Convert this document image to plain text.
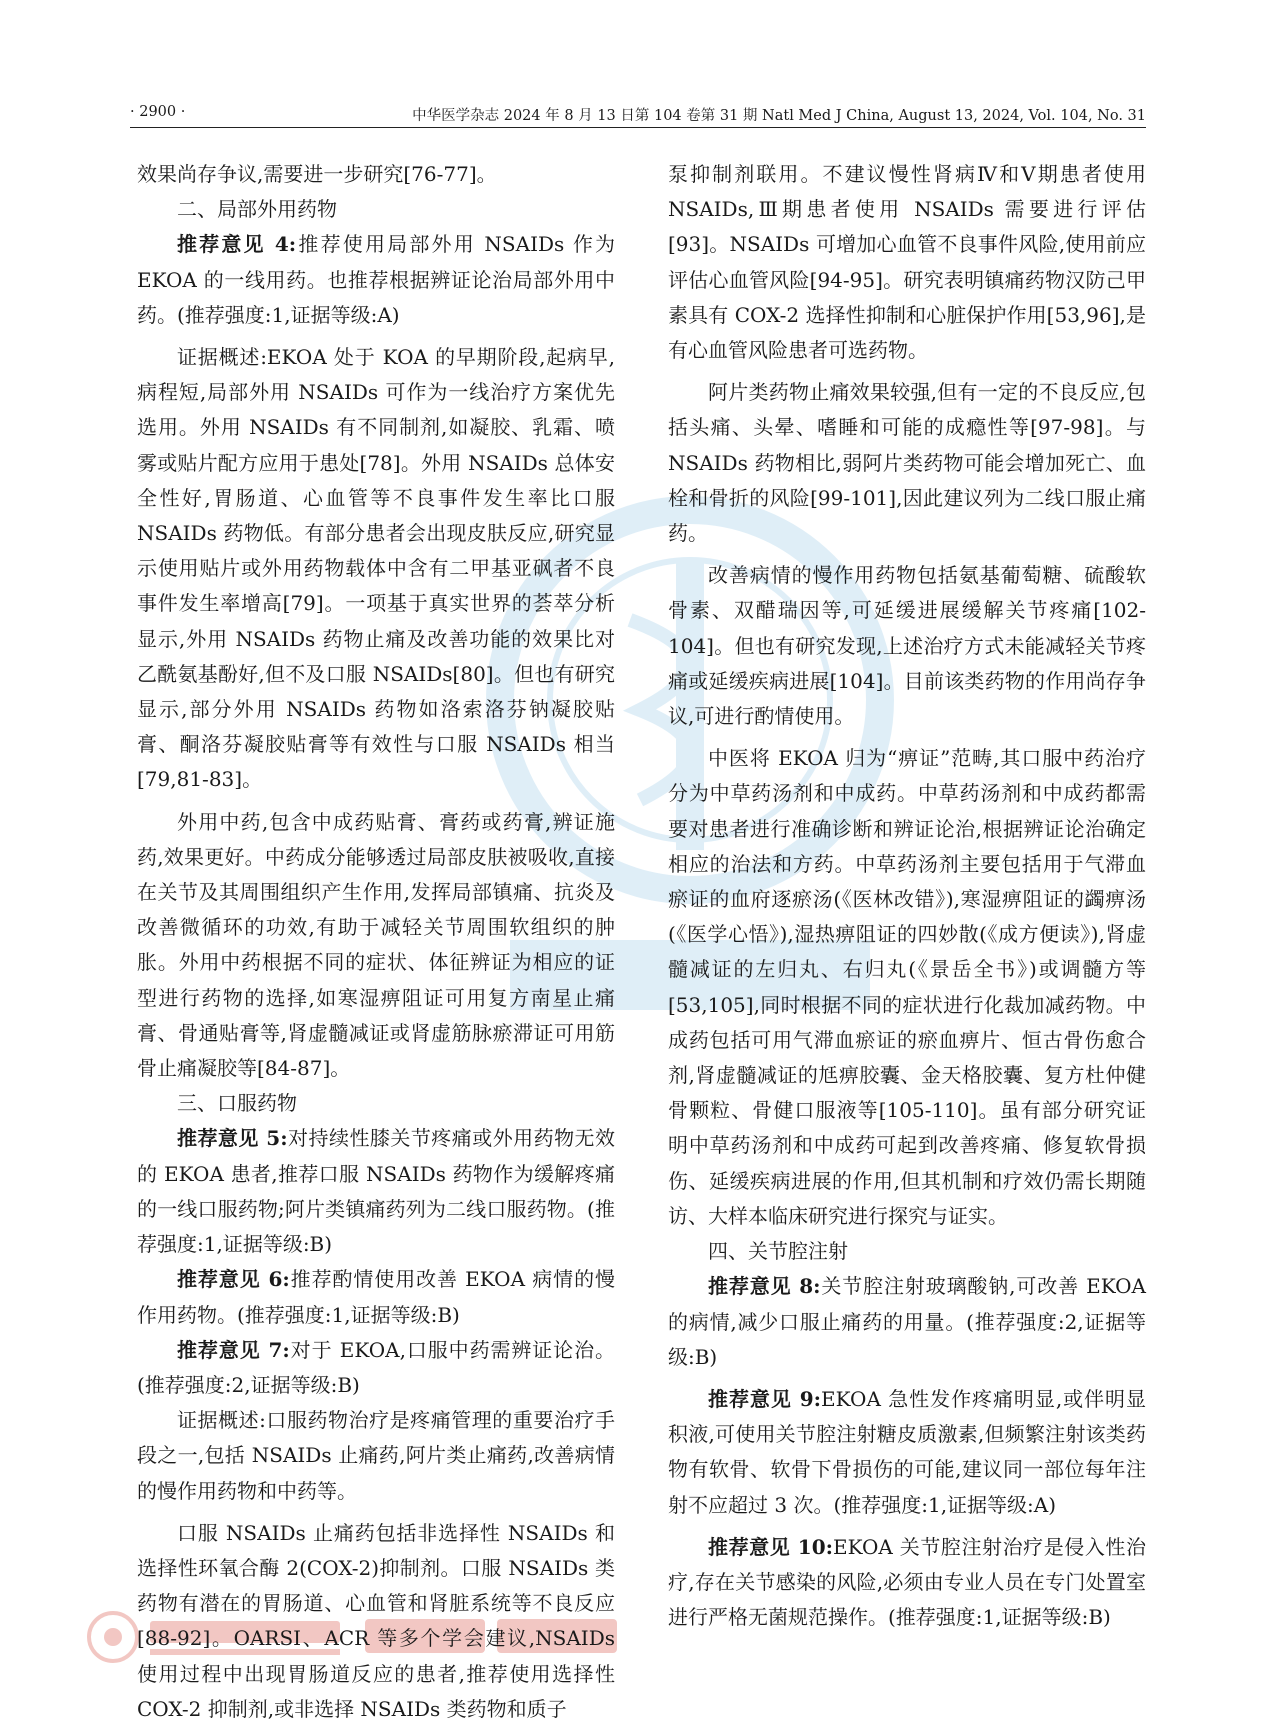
· 2900 ·	中华医学杂志 2024 年 8 月 13 日第 104 卷第 31 期 Natl Med J China, August 13, 2024, Vol. 104, No. 31

效果尚存争议,需要进一步研究[76-77]。

二、局部外用药物

推荐意见 4:推荐使用局部外用 NSAIDs 作为 EKOA 的一线用药。也推荐根据辨证论治局部外用中药。(推荐强度:1,证据等级:A)

证据概述:EKOA 处于 KOA 的早期阶段,起病早,病程短,局部外用 NSAIDs 可作为一线治疗方案优先选用。外用 NSAIDs 有不同制剂,如凝胶、乳霜、喷雾或贴片配方应用于患处[78]。外用 NSAIDs 总体安全性好,胃肠道、心血管等不良事件发生率比口服 NSAIDs 药物低。有部分患者会出现皮肤反应,研究显示使用贴片或外用药物载体中含有二甲基亚砜者不良事件发生率增高[79]。一项基于真实世界的荟萃分析显示,外用 NSAIDs 药物止痛及改善功能的效果比对乙酰氨基酚好,但不及口服 NSAIDs[80]。但也有研究显示,部分外用 NSAIDs 药物如洛索洛芬钠凝胶贴膏、酮洛芬凝胶贴膏等有效性与口服 NSAIDs 相当[79,81-83]。

外用中药,包含中成药贴膏、膏药或药膏,辨证施药,效果更好。中药成分能够透过局部皮肤被吸收,直接在关节及其周围组织产生作用,发挥局部镇痛、抗炎及改善微循环的功效,有助于减轻关节周围软组织的肿胀。外用中药根据不同的症状、体征辨证为相应的证型进行药物的选择,如寒湿痹阻证可用复方南星止痛膏、骨通贴膏等,肾虚髓减证或肾虚筋脉瘀滞证可用筋骨止痛凝胶等[84-87]。

三、口服药物

推荐意见 5:对持续性膝关节疼痛或外用药物无效的 EKOA 患者,推荐口服 NSAIDs 药物作为缓解疼痛的一线口服药物;阿片类镇痛药列为二线口服药物。(推荐强度:1,证据等级:B)

推荐意见 6:推荐酌情使用改善 EKOA 病情的慢作用药物。(推荐强度:1,证据等级:B)

推荐意见 7:对于 EKOA,口服中药需辨证论治。(推荐强度:2,证据等级:B)

证据概述:口服药物治疗是疼痛管理的重要治疗手段之一,包括 NSAIDs 止痛药,阿片类止痛药,改善病情的慢作用药物和中药等。

口服 NSAIDs 止痛药包括非选择性 NSAIDs 和选择性环氧合酶 2(COX-2)抑制剂。口服 NSAIDs 类药物有潜在的胃肠道、心血管和肾脏系统等不良反应[88-92]。OARSI、ACR 等多个学会建议,NSAIDs 使用过程中出现胃肠道反应的患者,推荐使用选择性 COX-2 抑制剂,或非选择 NSAIDs 类药物和质子

泵抑制剂联用。不建议慢性肾病Ⅳ和Ⅴ期患者使用 NSAIDs,Ⅲ期患者使用 NSAIDs 需要进行评估[93]。NSAIDs 可增加心血管不良事件风险,使用前应评估心血管风险[94-95]。研究表明镇痛药物汉防己甲素具有 COX-2 选择性抑制和心脏保护作用[53,96],是有心血管风险患者可选药物。

阿片类药物止痛效果较强,但有一定的不良反应,包括头痛、头晕、嗜睡和可能的成瘾性等[97-98]。与 NSAIDs 药物相比,弱阿片类药物可能会增加死亡、血栓和骨折的风险[99-101],因此建议列为二线口服止痛药。

改善病情的慢作用药物包括氨基葡萄糖、硫酸软骨素、双醋瑞因等,可延缓进展缓解关节疼痛[102-104]。但也有研究发现,上述治疗方式未能减轻关节疼痛或延缓疾病进展[104]。目前该类药物的作用尚存争议,可进行酌情使用。

中医将 EKOA 归为“痹证”范畴,其口服中药治疗分为中草药汤剂和中成药。中草药汤剂和中成药都需要对患者进行准确诊断和辨证论治,根据辨证论治确定相应的治法和方药。中草药汤剂主要包括用于气滞血瘀证的血府逐瘀汤(《医林改错》),寒湿痹阻证的蠲痹汤(《医学心悟》),湿热痹阻证的四妙散(《成方便读》),肾虚髓减证的左归丸、右归丸(《景岳全书》)或调髓方等[53,105],同时根据不同的症状进行化裁加减药物。中成药包括可用气滞血瘀证的瘀血痹片、恒古骨伤愈合剂,肾虚髓减证的尪痹胶囊、金天格胶囊、复方杜仲健骨颗粒、骨健口服液等[105-110]。虽有部分研究证明中草药汤剂和中成药可起到改善疼痛、修复软骨损伤、延缓疾病进展的作用,但其机制和疗效仍需长期随访、大样本临床研究进行探究与证实。

四、关节腔注射

推荐意见 8:关节腔注射玻璃酸钠,可改善 EKOA 的病情,减少口服止痛药的用量。(推荐强度:2,证据等级:B)

推荐意见 9:EKOA 急性发作疼痛明显,或伴明显积液,可使用关节腔注射糖皮质激素,但频繁注射该类药物有软骨、软骨下骨损伤的可能,建议同一部位每年注射不应超过 3 次。(推荐强度:1,证据等级:A)

推荐意见 10:EKOA 关节腔注射治疗是侵入性治疗,存在关节感染的风险,必须由专业人员在专门处置室进行严格无菌规范操作。(推荐强度:1,证据等级:B)
